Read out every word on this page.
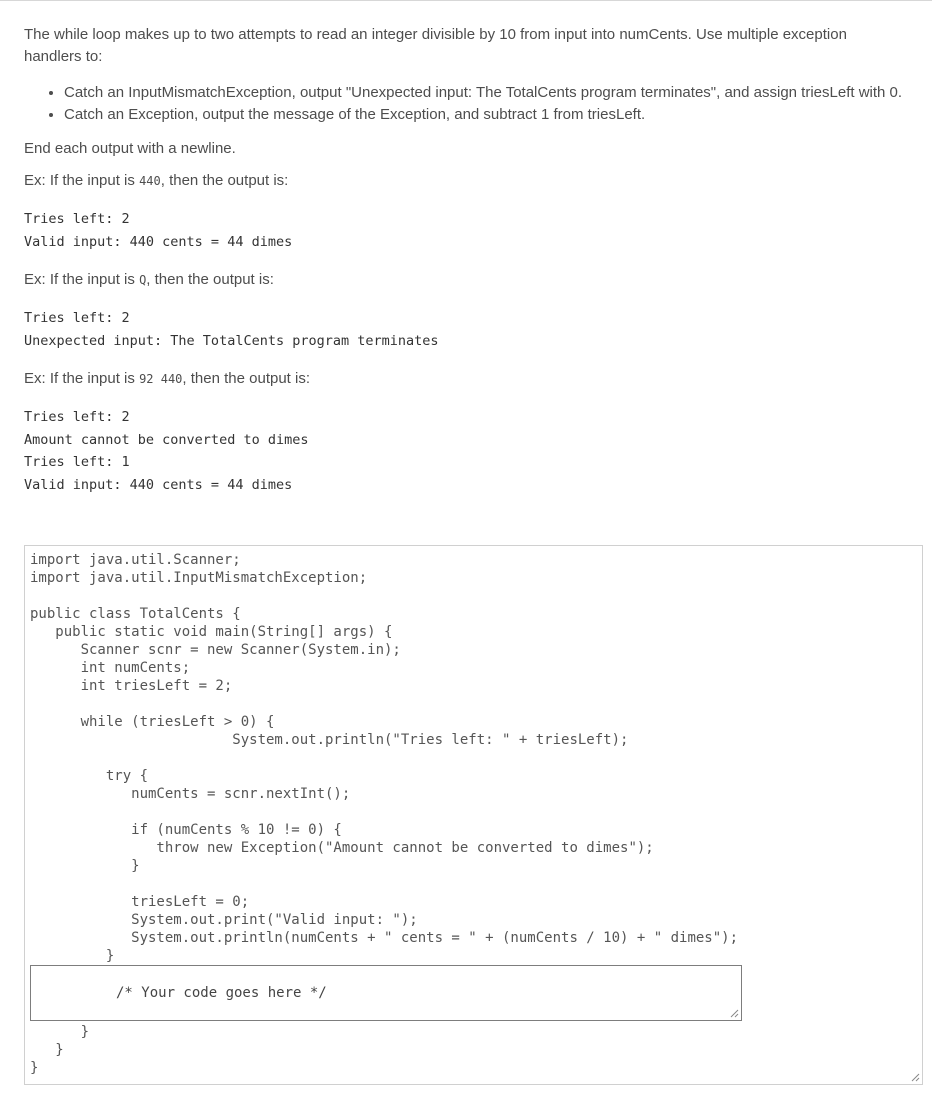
The while loop makes up to two attempts to read an integer divisible by 10 from input into numCents. Use multiple exception handlers to:

• Catch an InputMismatchException, output "Unexpected input: The TotalCents program terminates", and assign triesLeft with 0.
• Catch an Exception, output the message of the Exception, and subtract 1 from triesLeft.

End each output with a newline.

Ex: If the input is 440, then the output is:

Tries left: 2
Valid input: 440 cents = 44 dimes

Ex: If the input is Q, then the output is:

Tries left: 2
Unexpected input: The TotalCents program terminates

Ex: If the input is 92 440, then the output is:

Tries left: 2
Amount cannot be converted to dimes
Tries left: 1
Valid input: 440 cents = 44 dimes
import java.util.Scanner;
import java.util.InputMismatchException;

public class TotalCents {
public static void main(String[] args) {
Scanner scnr = new Scanner(System.in);
int numCents;
int triesLeft = 2;

while (triesLeft > 0) {
System.out.println("Tries left: " + triesLeft);

try {
numCents = scnr.nextInt();

if (numCents % 10 != 0) {
throw new Exception("Amount cannot be converted to dimes");
}

triesLeft = 0;
System.out.print("Valid input: ");
System.out.println(numCents + " cents = " + (numCents / 10) + " dimes");
}
/* Your code goes here */
}
}
}
